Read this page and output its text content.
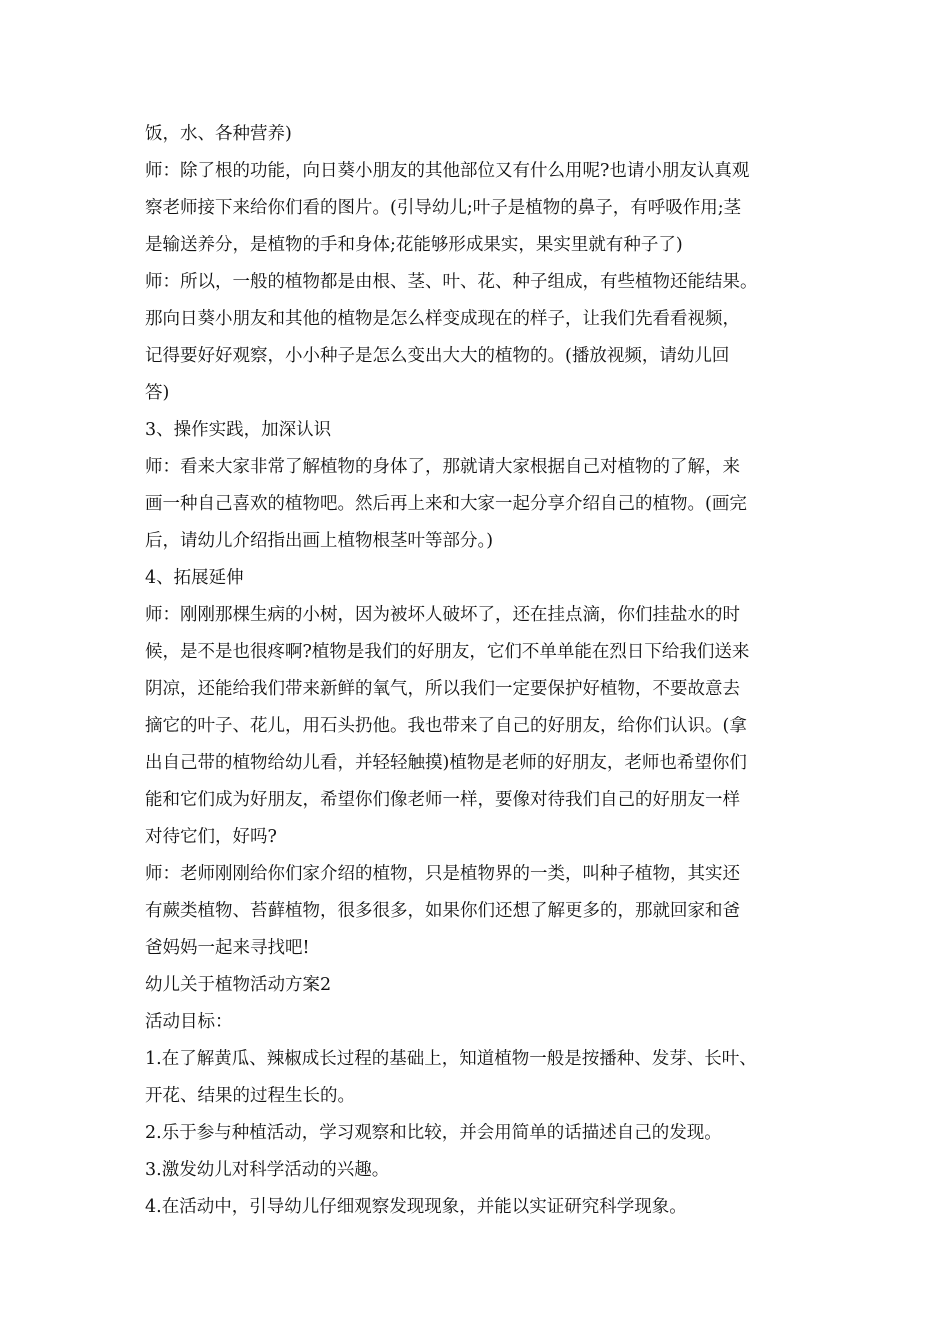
饭，水、各种营养)
师：除了根的功能，向日葵小朋友的其他部位又有什么用呢?也请小朋友认真观
察老师接下来给你们看的图片。(引导幼儿;叶子是植物的鼻子，有呼吸作用;茎
是输送养分，是植物的手和身体;花能够形成果实，果实里就有种子了)
师：所以，一般的植物都是由根、茎、叶、花、种子组成，有些植物还能结果。
那向日葵小朋友和其他的植物是怎么样变成现在的样子，让我们先看看视频，
记得要好好观察，小小种子是怎么变出大大的植物的。(播放视频，请幼儿回
答)
3、操作实践，加深认识
师：看来大家非常了解植物的身体了，那就请大家根据自己对植物的了解，来
画一种自己喜欢的植物吧。然后再上来和大家一起分享介绍自己的植物。(画完
后，请幼儿介绍指出画上植物根茎叶等部分。)
4、拓展延伸
师：刚刚那棵生病的小树，因为被坏人破坏了，还在挂点滴，你们挂盐水的时
候，是不是也很疼啊?植物是我们的好朋友，它们不单单能在烈日下给我们送来
阴凉，还能给我们带来新鲜的氧气，所以我们一定要保护好植物，不要故意去
摘它的叶子、花儿，用石头扔他。我也带来了自己的好朋友，给你们认识。(拿
出自己带的植物给幼儿看，并轻轻触摸)植物是老师的好朋友，老师也希望你们
能和它们成为好朋友，希望你们像老师一样，要像对待我们自己的好朋友一样
对待它们，好吗?
师：老师刚刚给你们家介绍的植物，只是植物界的一类，叫种子植物，其实还
有蕨类植物、苔藓植物，很多很多，如果你们还想了解更多的，那就回家和爸
爸妈妈一起来寻找吧!
幼儿关于植物活动方案2
活动目标：
1.在了解黄瓜、辣椒成长过程的基础上，知道植物一般是按播种、发芽、长叶、
开花、结果的过程生长的。
2.乐于参与种植活动，学习观察和比较，并会用简单的话描述自己的发现。
3.激发幼儿对科学活动的兴趣。
4.在活动中，引导幼儿仔细观察发现现象，并能以实证研究科学现象。
